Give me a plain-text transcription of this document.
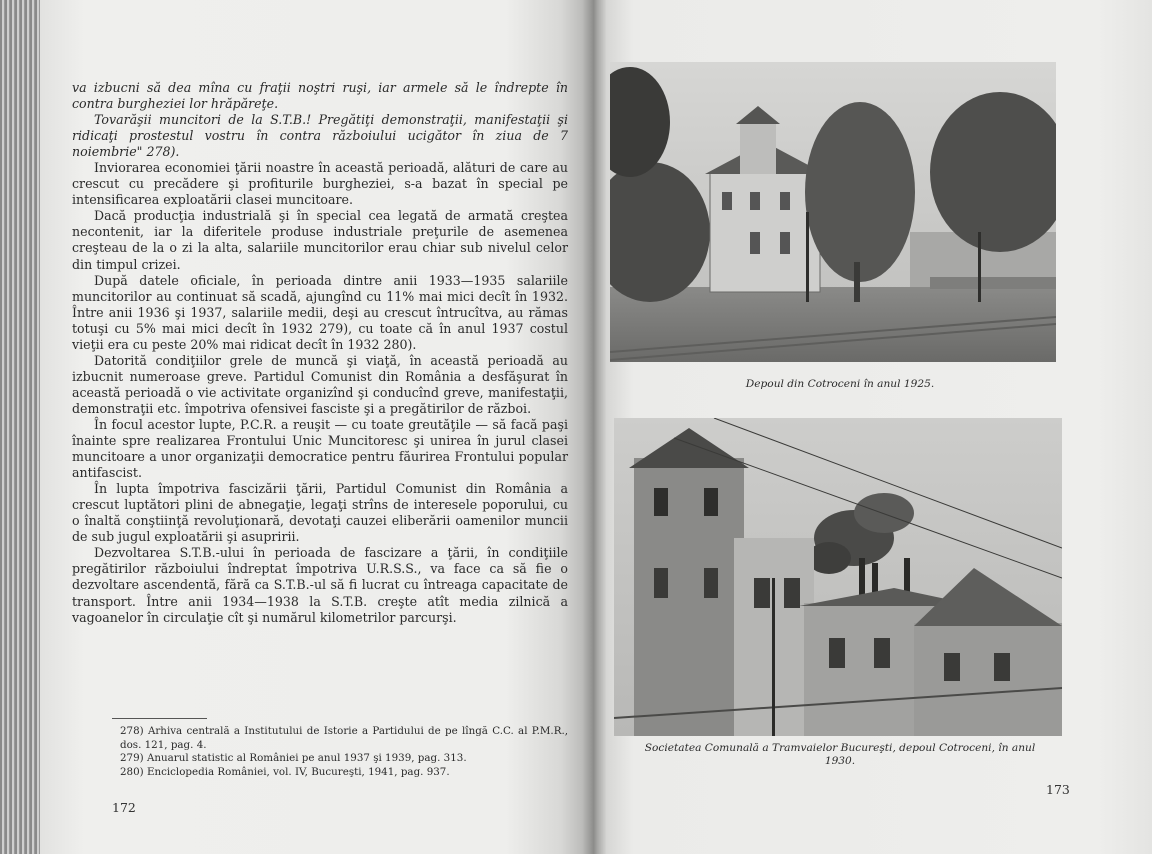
va izbucni să dea mîna cu fraţii noştri ruşi, iar armele să le îndrepte în contra burgheziei lor hrăpăreţe.

Tovarăşii muncitori de la S.T.B.! Pregătiţi demonstraţii, manifestaţii şi ridicaţi prostestul vostru în contra războiului ucigător în ziua de 7 noiembrie" 278).

Inviorarea economiei ţării noastre în această perioadă, alături de care au crescut cu precădere şi profiturile burgheziei, s-a bazat în special pe intensificarea exploatării clasei muncitoare.

Dacă producţia industrială şi în special cea legată de armată creştea necontenit, iar la diferitele produse industriale preţurile de asemenea creşteau de la o zi la alta, salariile muncitorilor erau chiar sub nivelul celor din timpul crizei.

După datele oficiale, în perioada dintre anii 1933—1935 salariile muncitorilor au continuat să scadă, ajungînd cu 11% mai mici decît în 1932. Între anii 1936 şi 1937, salariile medii, deşi au crescut întrucîtva, au rămas totuşi cu 5% mai mici decît în 1932 279), cu toate că în anul 1937 costul vieţii era cu peste 20% mai ridicat decît în 1932 280).

Datorită condiţiilor grele de muncă şi viaţă, în această perioadă au izbucnit numeroase greve. Partidul Comunist din România a desfăşurat în această perioadă o vie activitate organizînd şi conducînd greve, manifestaţii, demonstraţii etc. împotriva ofensivei fasciste şi a pregătirilor de război.

În focul acestor lupte, P.C.R. a reuşit — cu toate greutăţile — să facă paşi înainte spre realizarea Frontului Unic Muncitoresc şi unirea în jurul clasei muncitoare a unor organizaţii democratice pentru făurirea Frontului popular antifascist.

În lupta împotriva fascizării ţării, Partidul Comunist din România a crescut luptători plini de abnegaţie, legaţi strîns de interesele poporului, cu o înaltă conştiinţă revoluţionară, devotaţi cauzei eliberării oamenilor muncii de sub jugul exploatării şi asupririi.

Dezvoltarea S.T.B.-ului în perioada de fascizare a ţării, în condiţiile pregătirilor războiului îndreptat împotriva U.R.S.S., va face ca să fie o dezvoltare ascendentă, fără ca S.T.B.-ul să fi lucrat cu întreaga capacitate de transport. Între anii 1934—1938 la S.T.B. creşte atît media zilnică a vagoanelor în circulaţie cît şi numărul kilometrilor parcurşi.

278) Arhiva centrală a Institutului de Istorie a Partidului de pe lîngă C.C. al P.M.R., dos. 121, pag. 4.

279) Anuarul statistic al României pe anul 1937 şi 1939, pag. 313.

280) Enciclopedia României, vol. IV, Bucureşti, 1941, pag. 937.

172
Depoul din Cotroceni în anul 1925.
Societatea Comunală a Tramvaielor Bucureşti, depoul Cotroceni, în anul 1930.
173
